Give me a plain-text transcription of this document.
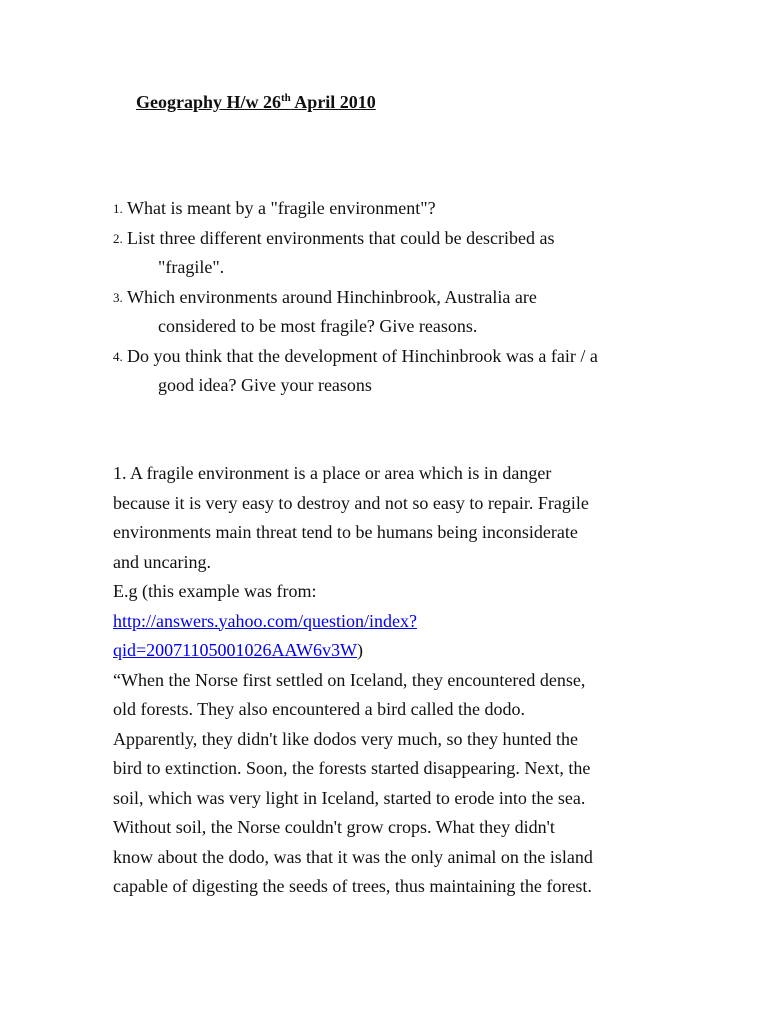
Geography H/w 26th April 2010
1. What is meant by a "fragile environment"?
2. List three different environments that could be described as
"fragile".
3. Which environments around Hinchinbrook, Australia are
considered to be most fragile? Give reasons.
4. Do you think that the development of Hinchinbrook was a fair / a
good idea? Give your reasons

1. A fragile environment is a place or area which is in danger

because it is very easy to destroy and not so easy to repair. Fragile

environments main threat tend to be humans being inconsiderate

and uncaring.

E.g (this example was from:

http://answers.yahoo.com/question/index?

qid=20071105001026AAW6v3W)

“When the Norse first settled on Iceland, they encountered dense,

old forests. They also encountered a bird called the dodo.

Apparently, they didn't like dodos very much, so they hunted the

bird to extinction. Soon, the forests started disappearing. Next, the

soil, which was very light in Iceland, started to erode into the sea.

Without soil, the Norse couldn't grow crops. What they didn't

know about the dodo, was that it was the only animal on the island

capable of digesting the seeds of trees, thus maintaining the forest.
